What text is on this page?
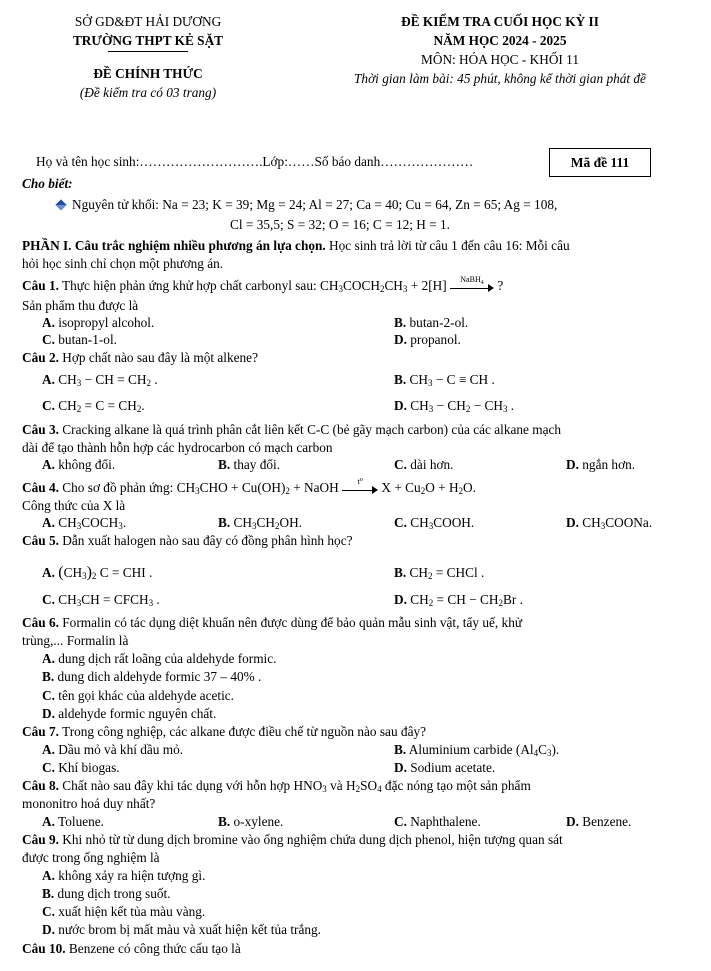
SỞ GD&ĐT HẢI DƯƠNG
TRƯỜNG THPT KẺ SẶT
ĐỀ CHÍNH THỨC
(Đề kiểm tra có 03 trang)
ĐỀ KIỂM TRA CUỐI HỌC KỲ II
NĂM HỌC 2024 - 2025
MÔN: HÓA HỌC - KHỐI 11
Thời gian làm bài: 45 phút, không kể thời gian phát đề
Họ và tên học sinh:……………………….Lớp:……Số báo danh…………………	Mã đề 111
Cho biết:
Nguyên tử khối: Na = 23; K = 39; Mg = 24; Al = 27; Ca = 40; Cu = 64, Zn = 65; Ag = 108,
Cl = 35,5; S = 32; O = 16; C = 12; H = 1.
PHẦN I. Câu trắc nghiệm nhiều phương án lựa chọn. Học sinh trả lời từ câu 1 đến câu 16: Mỗi câu
hỏi học sinh chỉ chọn một phương án.
Câu 1. Thực hiện phản ứng khử hợp chất carbonyl sau: $CH_3COCH_2CH_3 + 2[H]$	NaBH$_4$ ?
Sản phẩm thu được là
A. isopropyl alcohol.	B. butan-2-ol.
C. butan-1-ol.	D. propanol.
Câu 2. Hợp chất nào sau đây là một alkene?
A. $CH_3$ − CH = $CH_2$ .	B. $CH_3 - C$ ≡ CH .
C. $CH_2 = C = CH_2$.	D. $CH_3 - CH_2 - CH_3$ .
Câu 3. Cracking alkane là quá trình phân cắt liên kết C-C (bẻ gãy mạch carbon) của các alkane mạch
dài để tạo thành hỗn hợp các hydrocarbon có mạch carbon
A. không đổi.	B. thay đổi.	C. dài hơn.	D. ngắn hơn.
Câu 4. Cho sơ đồ phản ứng: $CH_3CHO + Cu(OH)_2$ + NaOH	$t^o$
$X + Cu_2O + H_2O$.
Công thức của X là
A. $CH_3COCH_3$.	B. $CH_3CH_2OH$.	C. $CH_3COOH$.	D. $CH_3COONa$.
Câu 5. Dẫn xuất halogen nào sau đây có đồng phân hình học?
A. $(CH_3)_2$ C = CHI .	B. $CH_2$ = CHCl .
C. $CH_3CH$ = $CFCH_3$ .	D. $CH_2$ = CH − $CH_2Br$ .
Câu 6. Formalin có tác dụng diệt khuẩn nên được dùng để bảo quản mẫu sinh vật, tẩy uế, khử
trùng,... Formalin là
A. dung dịch rất loãng của aldehyde formic.
B. dung dich aldehyde formic 37 – 40% .
C. tên gọi khác của aldehyde acetic.
D. aldehyde formic nguyên chất.
Câu 7. Trong công nghiệp, các alkane được điều chế từ nguồn nào sau đây?
A. Dầu mỏ và khí dầu mỏ.	B. Aluminium carbide $(Al_4C_3)$.
C. Khí biogas.	D. Sodium acetate.
Câu 8. Chất nào sau đây khi tác dụng với hỗn hợp $HNO_3$ và $H_2SO_4$ đặc nóng tạo một sản phẩm
mononitro hoá duy nhất?
A. Toluene.	B. o-xylene.	C. Naphthalene.	D. Benzene.
Câu 9. Khi nhỏ từ từ dung dịch bromine vào ống nghiệm chứa dung dịch phenol, hiện tượng quan sát
được trong ống nghiệm là
A. không xảy ra hiện tượng gì.
B. dung dịch trong suốt.
C. xuất hiện kết tủa màu vàng.
D. nước brom bị mất màu và xuất hiện kết tủa trắng.
Câu 10. Benzene có công thức cấu tạo là
